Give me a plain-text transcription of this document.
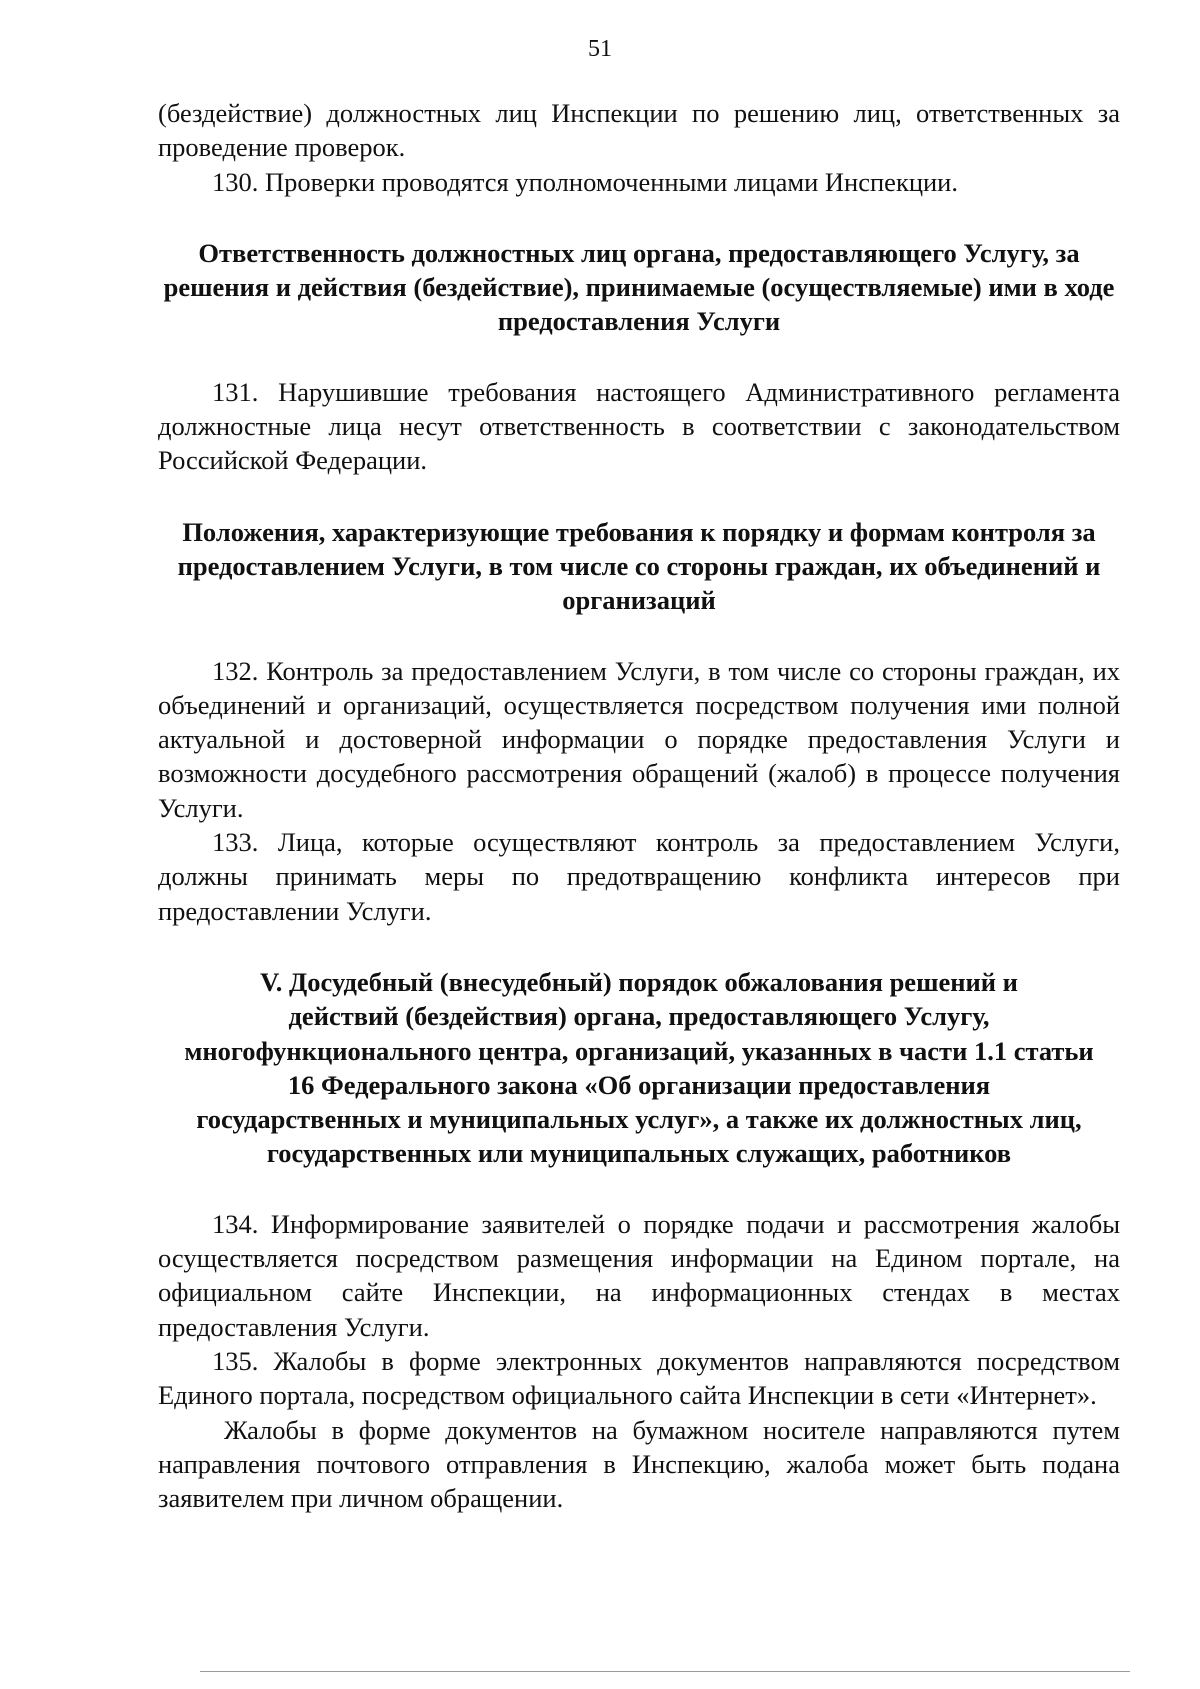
51

(бездействие) должностных лиц Инспекции по решению лиц, ответственных за проведение проверок.

130. Проверки проводятся уполномоченными лицами Инспекции.

Ответственность должностных лиц органа, предоставляющего Услугу, за решения и действия (бездействие), принимаемые (осуществляемые) ими в ходе предоставления Услуги

131. Нарушившие требования настоящего Административного регламента должностные лица несут ответственность в соответствии с законодательством Российской Федерации.

Положения, характеризующие требования к порядку и формам контроля за предоставлением Услуги, в том числе со стороны граждан, их объединений и организаций

132. Контроль за предоставлением Услуги, в том числе со стороны граждан, их объединений и организаций, осуществляется посредством получения ими полной актуальной и достоверной информации о порядке предоставления Услуги и возможности досудебного рассмотрения обращений (жалоб) в процессе получения Услуги.

133. Лица, которые осуществляют контроль за предоставлением Услуги, должны принимать меры по предотвращению конфликта интересов при предоставлении Услуги.

V. Досудебный (внесудебный) порядок обжалования решений и
действий (бездействия) органа, предоставляющего Услугу,
многофункционального центра, организаций, указанных в части 1.1 статьи
16 Федерального закона «Об организации предоставления
государственных и муниципальных услуг», а также их должностных лиц,
государственных или муниципальных служащих, работников

134. Информирование заявителей о порядке подачи и рассмотрения жалобы осуществляется посредством размещения информации на Едином портале, на официальном сайте Инспекции, на информационных стендах в местах предоставления Услуги.

135. Жалобы в форме электронных документов направляются посредством Единого портала, посредством официального сайта Инспекции в сети «Интернет».

Жалобы в форме документов на бумажном носителе направляются путем направления почтового отправления в Инспекцию, жалоба может быть подана заявителем при личном обращении.
